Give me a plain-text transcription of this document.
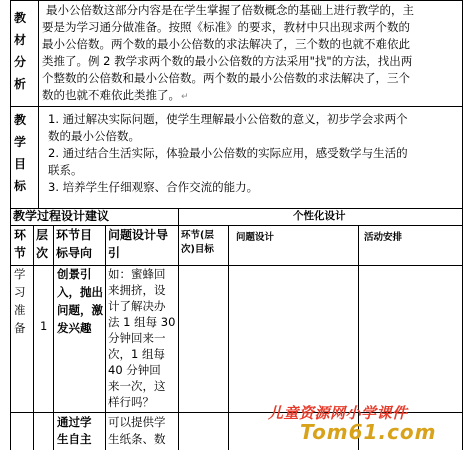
教
材
分
析
最小公倍数这部分内容是在学生掌握了倍数概念的基础上进行教学的，主
要是为学习通分做准备。按照《标准》的要求，教材中只出现求两个数的
最小公倍数。两个数的最小公倍数的求法解决了，三个数的也就不难依此
类推了。例 2 教学求两个数的最小公倍数的方法采用"找"的方法，找出两
个整数的公倍数和最小公倍数。两个数的最小公倍数的求法解决了，三个
数的也就不难依此类推了。↵
教
学
目
标
1. 通过解决实际问题，使学生理解最小公倍数的意义，初步学会求两个
数的最小公倍数。
2. 通过结合生活实际，体验最小公倍数的实际应用，感受数学与生活的
联系。
3. 培养学生仔细观察、合作交流的能力。
教学过程设计建议	个性化设计
环
节
层
次
环节目
标导向
问题设计导
引
环节(层次)目标
问题设计	活动安排
学
习
准
备 1
创景引
入，抛出
问题，激
发兴趣
如：蜜蜂回
来拥挤，设
计了解决办
法 1 组每 30
分钟回来一
次，1 组每
40 分钟回
来一次，这
样行吗？
通过学
生自主
可以提供学
生纸条、数
儿童资源网小学课件
Tom61.com
